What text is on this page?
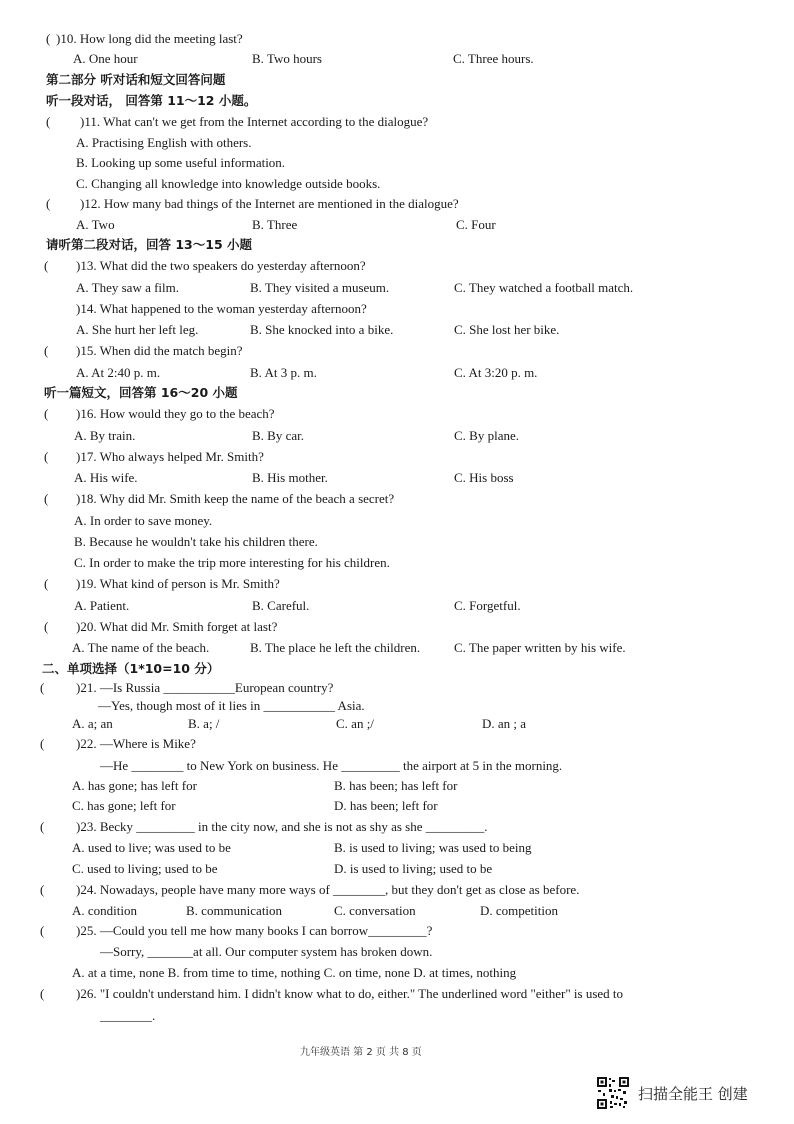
( )10. How long did the meeting last?
A. One hour	B. Two hours	C. Three hours.
第二部分 听对话和短文回答问题
听一段对话， 回答第 11～12 小题。
( )11. What can't we get from the Internet according to the dialogue?
A. Practising English with others.
B. Looking up some useful information.
C. Changing all knowledge into knowledge outside books.
( )12. How many bad things of the Internet are mentioned in the dialogue?
A. Two	B. Three	C. Four
请听第二段对话，回答 13～15 小题
( )13. What did the two speakers do yesterday afternoon?
A. They saw a film.	B. They visited a museum.	C. They watched a football match.
)14. What happened to the woman yesterday afternoon?
A. She hurt her left leg.	B. She knocked into a bike.	C. She lost her bike.
( )15. When did the match begin?
A. At 2:40 p. m.	B. At 3 p. m.	C. At 3:20 p. m.
听一篇短文，回答第 16～20 小题
( )16. How would they go to the beach?
A. By train.	B. By car.	C. By plane.
( )17. Who always helped Mr. Smith?
A. His wife.	B. His mother.	C. His boss
( )18. Why did Mr. Smith keep the name of the beach a secret?
A. In order to save money.
B. Because he wouldn't take his children there.
C. In order to make the trip more interesting for his children.
( )19. What kind of person is Mr. Smith?
A. Patient.	B. Careful.	C. Forgetful.
( )20. What did Mr. Smith forget at last?
A. The name of the beach.	B. The place he left the children.	C. The paper written by his wife.
二、单项选择（1*10=10 分）
( )21. —Is Russia ___________European country?
—Yes, though most of it lies in ___________ Asia.
A. a; an	B. a; /	C. an ;/	D. an ; a
( )22. —Where is Mike?
—He ________ to New York on business. He _________ the airport at 5 in the morning.
A. has gone; has left for	B. has been; has left for
C. has gone; left for	D. has been; left for
( )23. Becky _________ in the city now, and she is not as shy as she _________.
A. used to live; was used to be	B. is used to living; was used to being
C. used to living; used to be	D. is used to living; used to be
( )24. Nowadays, people have many more ways of ________, but they don't get as close as before.
A. condition	B. communication	C. conversation	D. competition
( )25. —Could you tell me how many books I can borrow_________?
—Sorry, _______at all. Our computer system has broken down.
A. at a time, none B. from time to time, nothing C. on time, none D. at times, nothing
( )26. "I couldn't understand him. I didn't know what to do, either." The underlined word "either" is used to
________.
九年级英语 第 2 页 共 8 页
扫描全能王 创建
